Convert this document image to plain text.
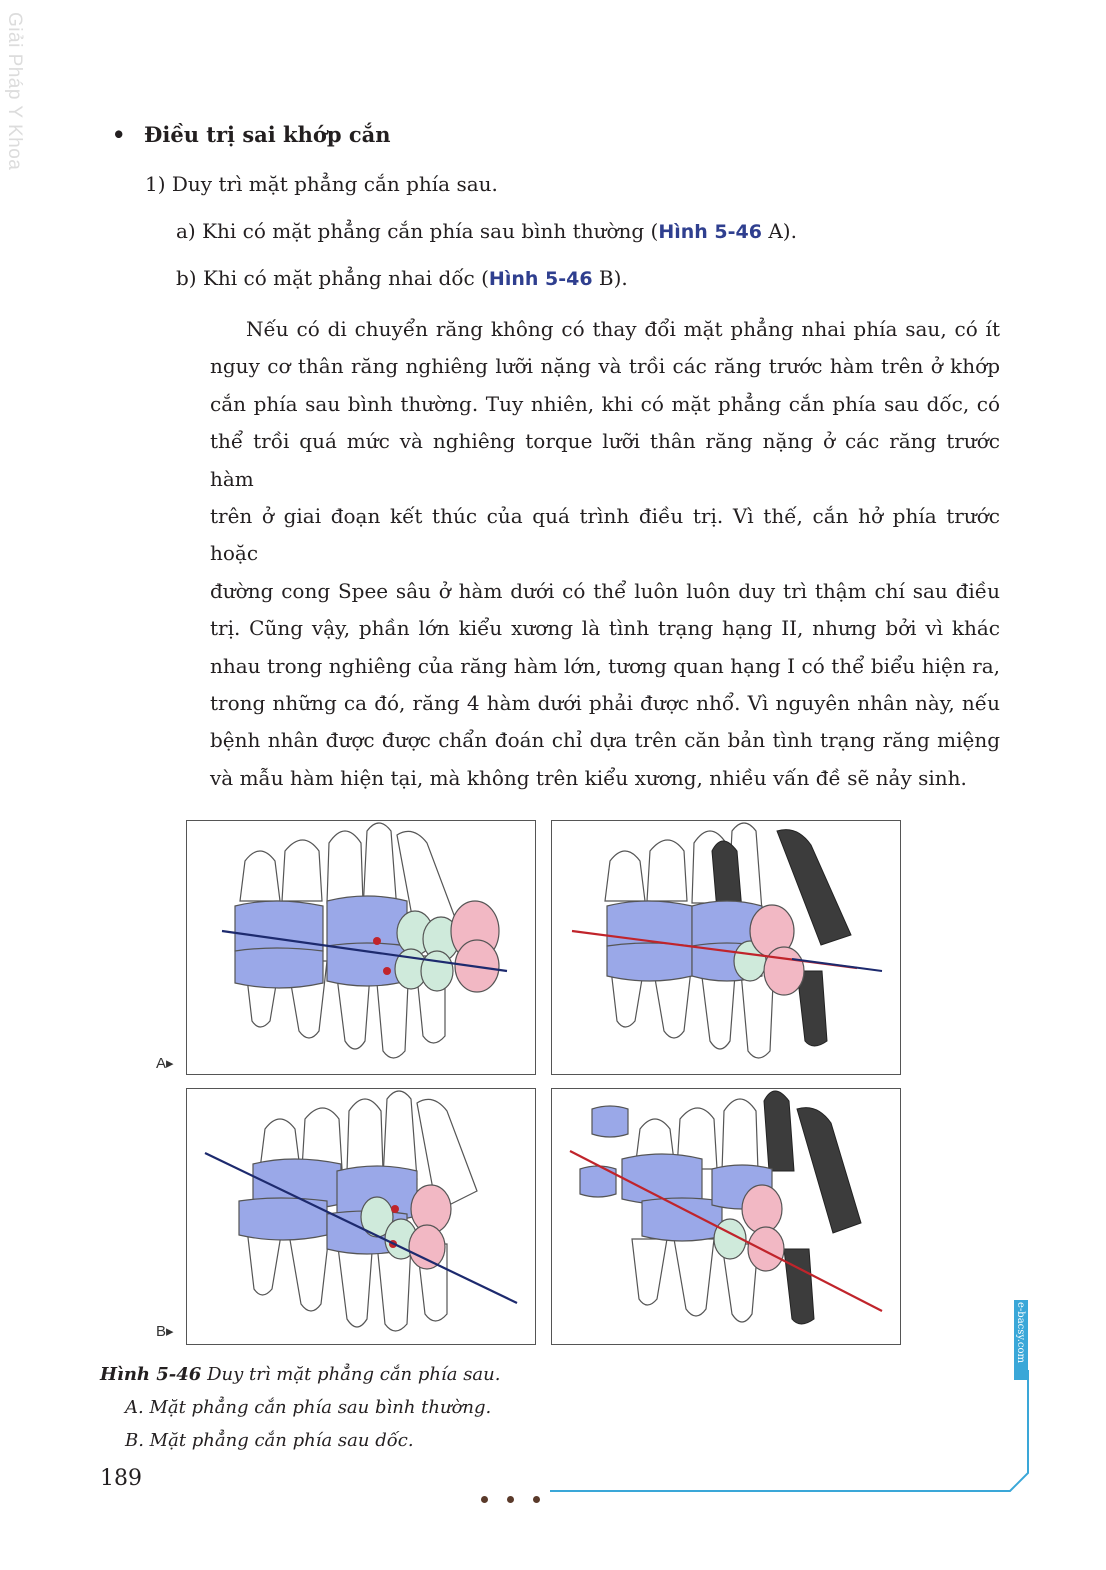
Giải Pháp Y Khoa	• Điều trị sai khớp cắn
1) Duy trì mặt phẳng cắn phía sau.
a) Khi có mặt phẳng cắn phía sau bình thường (Hình 5-46 A).
b) Khi có mặt phẳng nhai dốc (Hình 5-46 B).
Nếu có di chuyển răng không có thay đổi mặt phẳng nhai phía sau, có ít
nguy cơ thân răng nghiêng lưỡi nặng và trồi các răng trước hàm trên ở khớp
cắn phía sau bình thường. Tuy nhiên, khi có mặt phẳng cắn phía sau dốc, có
thể trồi quá mức và nghiêng torque lưỡi thân răng nặng ở các răng trước hàm
trên ở giai đoạn kết thúc của quá trình điều trị. Vì thế, cắn hở phía trước hoặc
đường cong Spee sâu ở hàm dưới có thể luôn luôn duy trì thậm chí sau điều
trị. Cũng vậy, phần lớn kiểu xương là tình trạng hạng II, nhưng bởi vì khác
nhau trong nghiêng của răng hàm lớn, tương quan hạng I có thể biểu hiện ra,
trong những ca đó, răng 4 hàm dưới phải được nhổ. Vì nguyên nhân này, nếu
bệnh nhân được được chẩn đoán chỉ dựa trên căn bản tình trạng răng miệng
và mẫu hàm hiện tại, mà không trên kiểu xương, nhiều vấn đề sẽ nảy sinh.
A▸
B▸
Hình 5-46 Duy trì mặt phẳng cắn phía sau.
A. Mặt phẳng cắn phía sau bình thường.
B. Mặt phẳng cắn phía sau dốc.
189
e-bacsy.com
